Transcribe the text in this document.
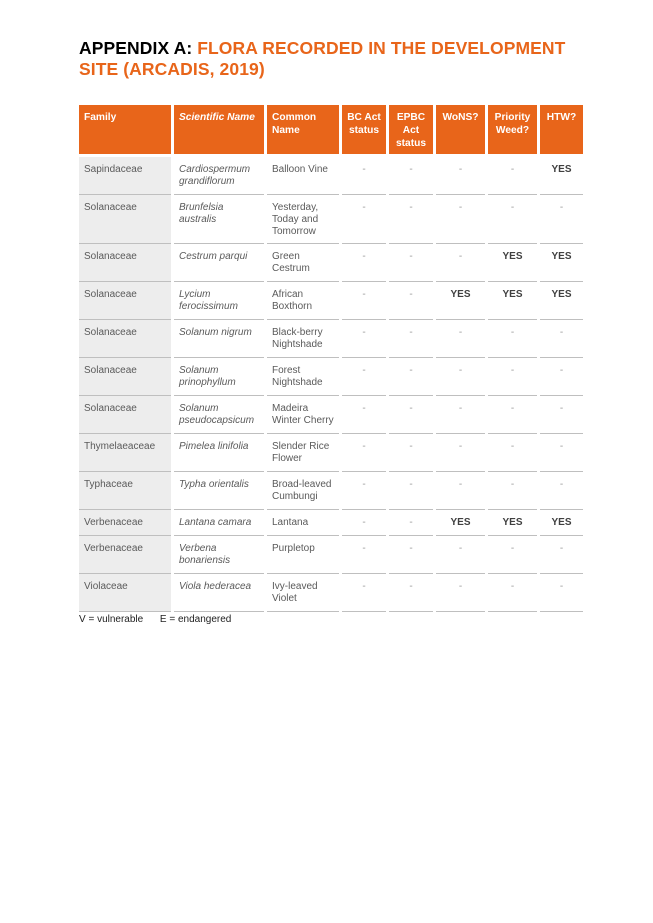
APPENDIX A: FLORA RECORDED IN THE DEVELOPMENT SITE (ARCADIS, 2019)
Family	Scientific Name	Common Name	BC Act status	EPBC Act status	WoNS?	Priority Weed?	HTW?
Sapindaceae	Cardiospermum grandiflorum	Balloon Vine	-	-	-	-	YES
Solanaceae	Brunfelsia australis	Yesterday, Today and Tomorrow	-	-	-	-	-
Solanaceae	Cestrum parqui	Green Cestrum	-	-	-	YES	YES
Solanaceae	Lycium ferocissimum	African Boxthorn	-	-	YES	YES	YES
Solanaceae	Solanum nigrum	Black-berry Nightshade	-	-	-	-	-
Solanaceae	Solanum prinophyllum	Forest Nightshade	-	-	-	-	-
Solanaceae	Solanum pseudocapsicum	Madeira Winter Cherry	-	-	-	-	-
Thymelaeaceae	Pimelea linifolia	Slender Rice Flower	-	-	-	-	-
Typhaceae	Typha orientalis	Broad-leaved Cumbungi	-	-	-	-	-
Verbenaceae	Lantana camara	Lantana	-	-	YES	YES	YES
Verbenaceae	Verbena bonariensis	Purpletop	-	-	-	-	-
Violaceae	Viola hederacea	Ivy-leaved Violet	-	-	-	-	-
V = vulnerable      E = endangered
